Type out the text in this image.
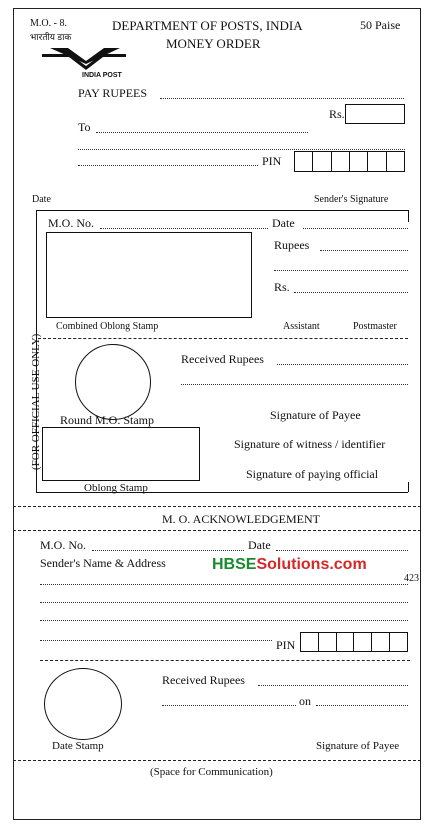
M.O. - 8.
भारतीय डाक
DEPARTMENT OF POSTS, INDIA
MONEY ORDER
50 Paise
INDIA POST
PAY RUPEES
Rs.
To
PIN
Date	Sender's Signature
(FOR OFFICIAL USE ONLY)
M.O. No.	Date
Rupees
Rs.
Combined Oblong Stamp	Assistant	Postmaster
Received Rupees
Round M.O. Stamp	Signature of Payee
Signature of witness / identifier
Signature of paying official
Oblong Stamp
M. O. ACKNOWLEDGEMENT
M.O. No.	Date
Sender's Name & Address	HBSESolutions.com
423
PIN
Received Rupees
on
Date Stamp	Signature of Payee
(Space for Communication)
